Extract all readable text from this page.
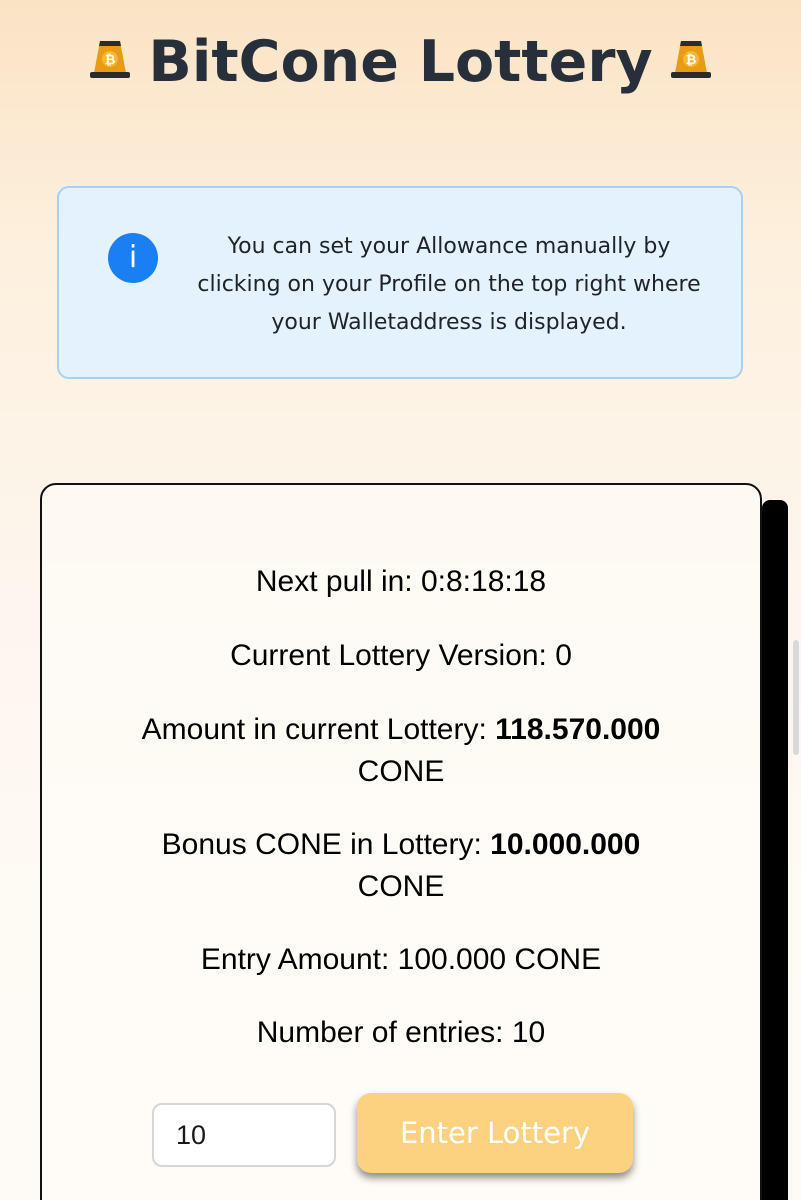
₿ BitCone Lottery	₿
i	You can set your Allowance manually by clicking on your Profile on the top right where your Walletaddress is displayed.
Next pull in: 0:8:18:18
Current Lottery Version: 0
Amount in current Lottery: 118.570.000
CONE
Bonus CONE in Lottery: 10.000.000
CONE
Entry Amount: 100.000 CONE
Number of entries: 10
10
Enter Lottery
